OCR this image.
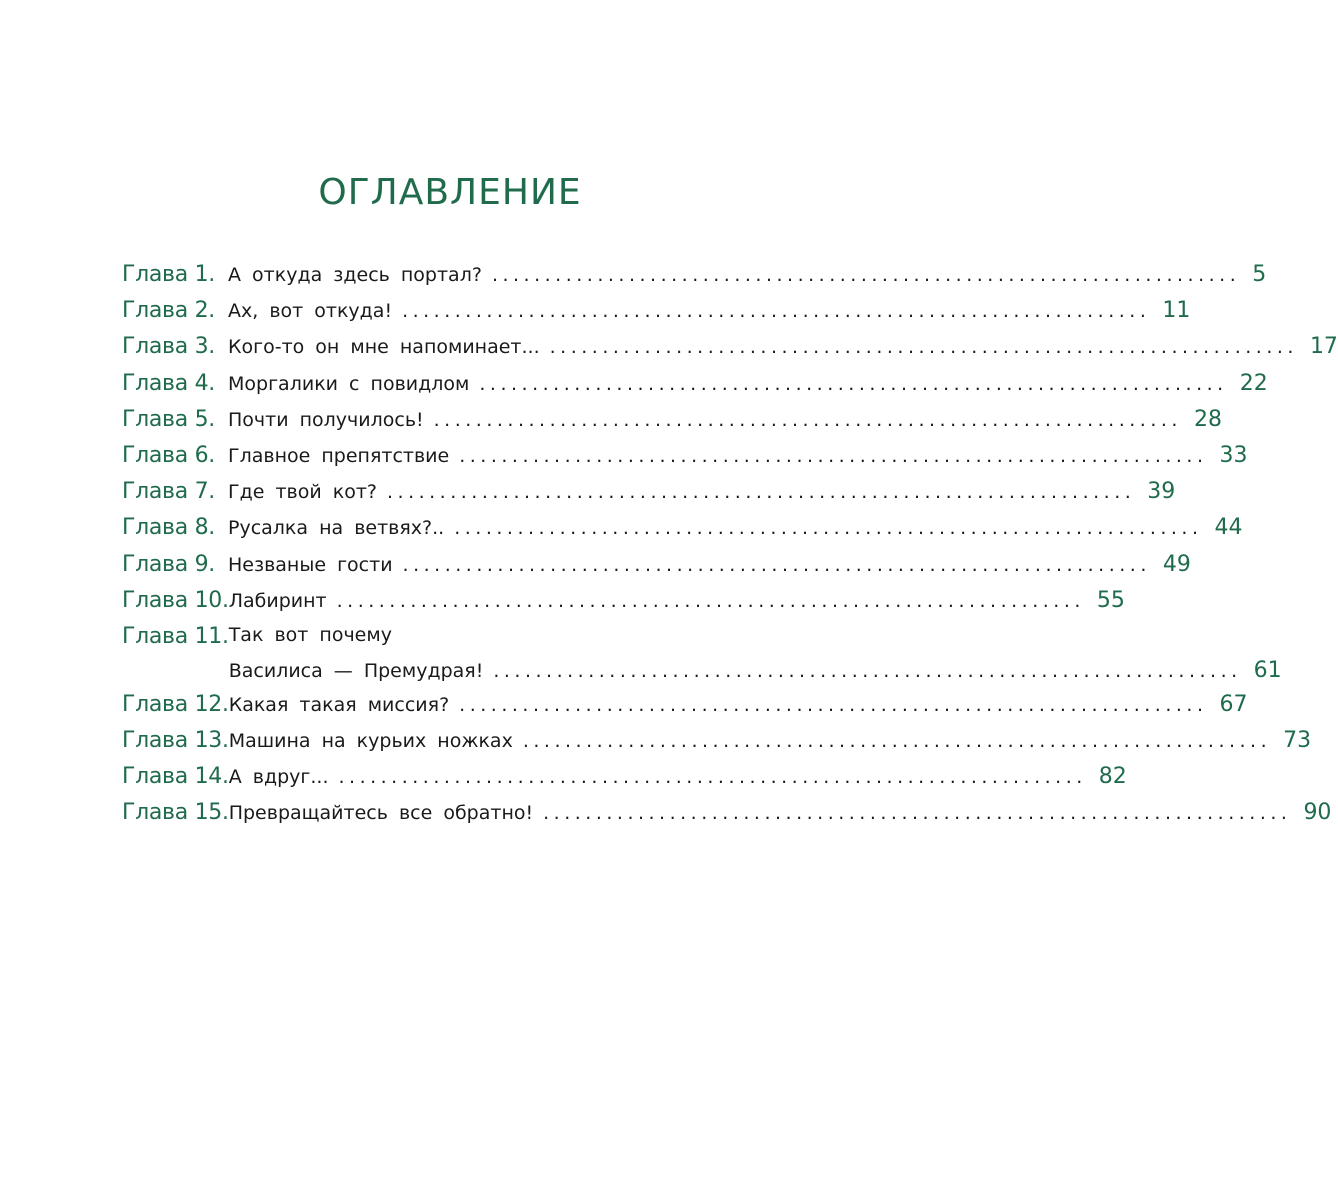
ОГЛАВЛЕНИЕ
Глава 1. А откуда здесь портал? ....................................................................... 5
Глава 2. Ах, вот откуда! ....................................................................... 11
Глава 3. Кого-то он мне напоминает... ....................................................................... 17
Глава 4. Моргалики с повидлом ....................................................................... 22
Глава 5. Почти получилось! ....................................................................... 28
Глава 6. Главное препятствие ....................................................................... 33
Глава 7. Где твой кот? ....................................................................... 39
Глава 8. Русалка на ветвях?.. ....................................................................... 44
Глава 9. Незваные гости ....................................................................... 49
Глава 10. Лабиринт ....................................................................... 55
Глава 11. Так вот почему
Василиса — Премудрая! ....................................................................... 61
Глава 12. Какая такая миссия? ....................................................................... 67
Глава 13. Машина на курьих ножках ....................................................................... 73
Глава 14. А вдруг... ....................................................................... 82
Глава 15. Превращайтесь все обратно! ....................................................................... 90
